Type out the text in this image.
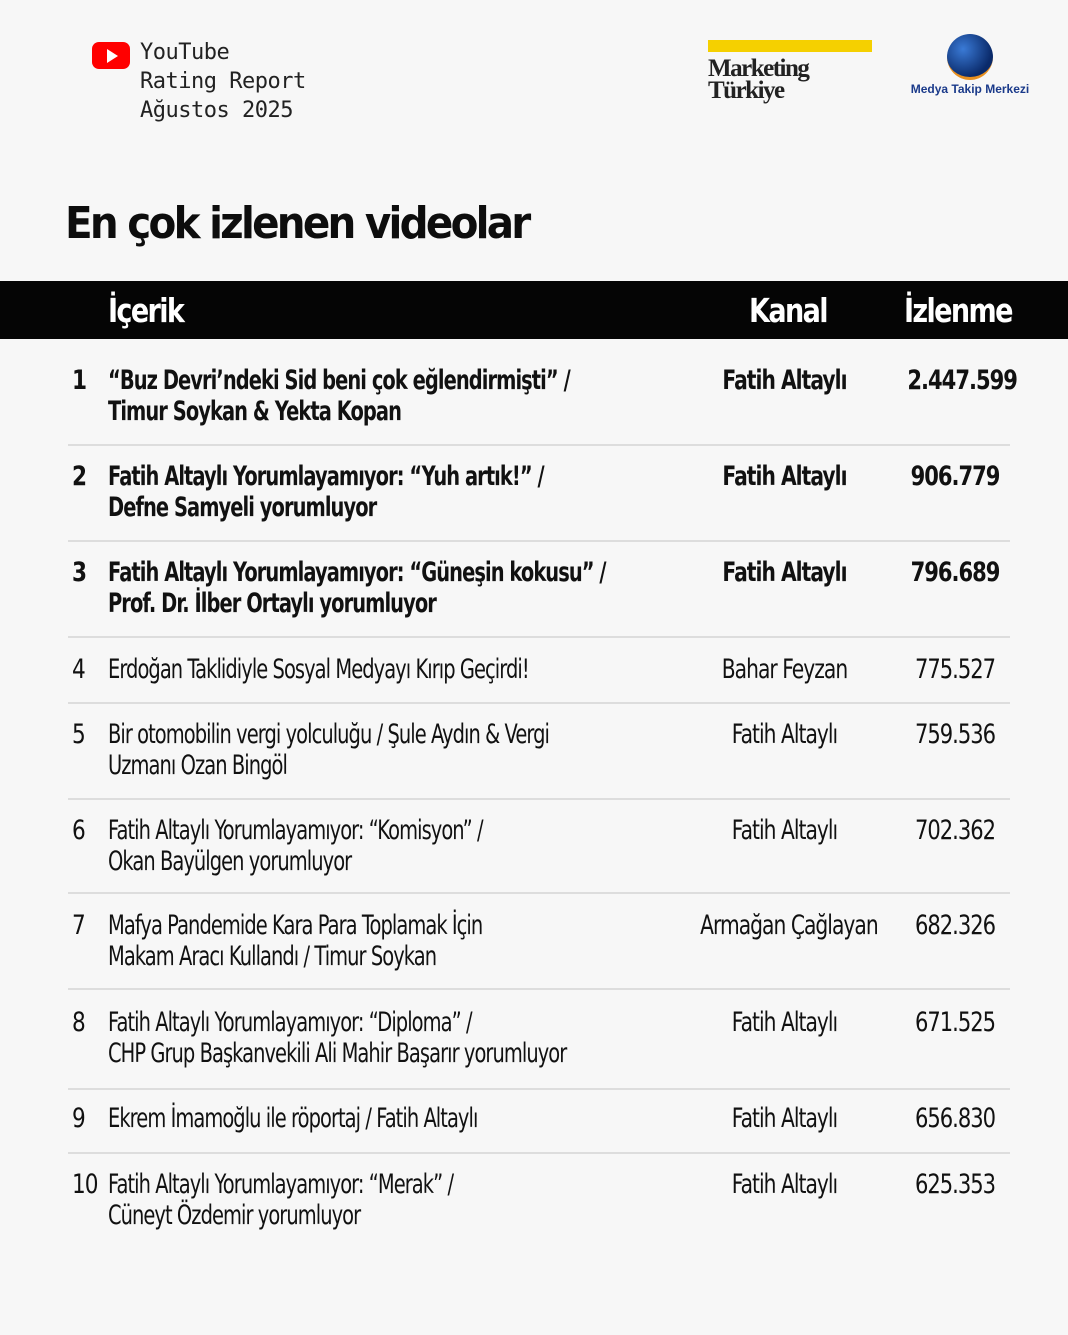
YouTube
Rating Report
Ağustos 2025
Marketing
Türkiye	Medya Takip Merkezi
En çok izlenen videolar
İçerik	Kanal İzlenme
1 “Buz Devri’ndeki Sid beni çok eğlendirmişti” /
Timur Soykan & Yekta Kopan
Fatih Altaylı	2.447.599
2 Fatih Altaylı Yorumlayamıyor: “Yuh artık!” /
Defne Samyeli yorumluyor
Fatih Altaylı	906.779
3 Fatih Altaylı Yorumlayamıyor: “Güneşin kokusu” /
Prof. Dr. İlber Ortaylı yorumluyor
Fatih Altaylı	796.689
4 Erdoğan Taklidiyle Sosyal Medyayı Kırıp Geçirdi!	Bahar Feyzan	775.527
5 Bir otomobilin vergi yolculuğu / Şule Aydın & Vergi
Uzmanı Ozan Bingöl
Fatih Altaylı	759.536
6 Fatih Altaylı Yorumlayamıyor: “Komisyon” /
Okan Bayülgen yorumluyor
Fatih Altaylı	702.362
7 Mafya Pandemide Kara Para Toplamak İçin
Makam Aracı Kullandı / Timur Soykan
Armağan Çağlayan 682.326
8 Fatih Altaylı Yorumlayamıyor: “Diploma” /
CHP Grup Başkanvekili Ali Mahir Başarır yorumluyor
Fatih Altaylı	671.525
9 Ekrem İmamoğlu ile röportaj / Fatih Altaylı	Fatih Altaylı	656.830
10 Fatih Altaylı Yorumlayamıyor: “Merak” /
Cüneyt Özdemir yorumluyor
Fatih Altaylı	625.353
